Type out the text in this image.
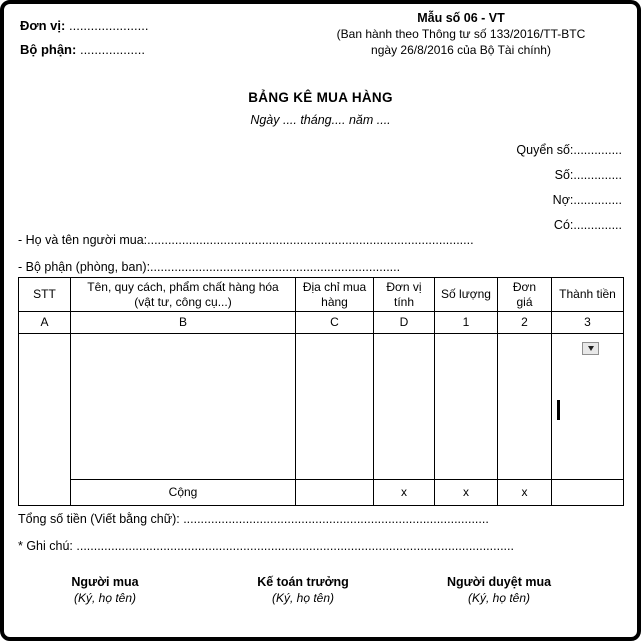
Đơn vị: ......................
Bộ phận: ..................
Mẫu số 06 - VT
(Ban hành theo Thông tư số 133/2016/TT-BTC
ngày 26/8/2016 của Bộ Tài chính)
BẢNG KÊ MUA HÀNG
Ngày .... tháng.... năm ....
Quyển số:..............
Số:..............
Nợ:..............
Có:..............
- Họ và tên người mua:..............................................................................................
- Bộ phận (phòng, ban):........................................................................
STT	Tên, quy cách, phẩm chất hàng hóa (vật tư, công cụ...)	Địa chỉ mua hàng	Đơn vị tính	Số lượng	Đơn giá	Thành tiền
A	B	C	D	1	2	3

	Cộng		x	x	x	
Tổng số tiền (Viết bằng chữ): ........................................................................................
* Ghi chú: ..............................................................................................................................
Người mua
(Ký, họ tên)
Kế toán trưởng
(Ký, họ tên)
Người duyệt mua
(Ký, họ tên)
